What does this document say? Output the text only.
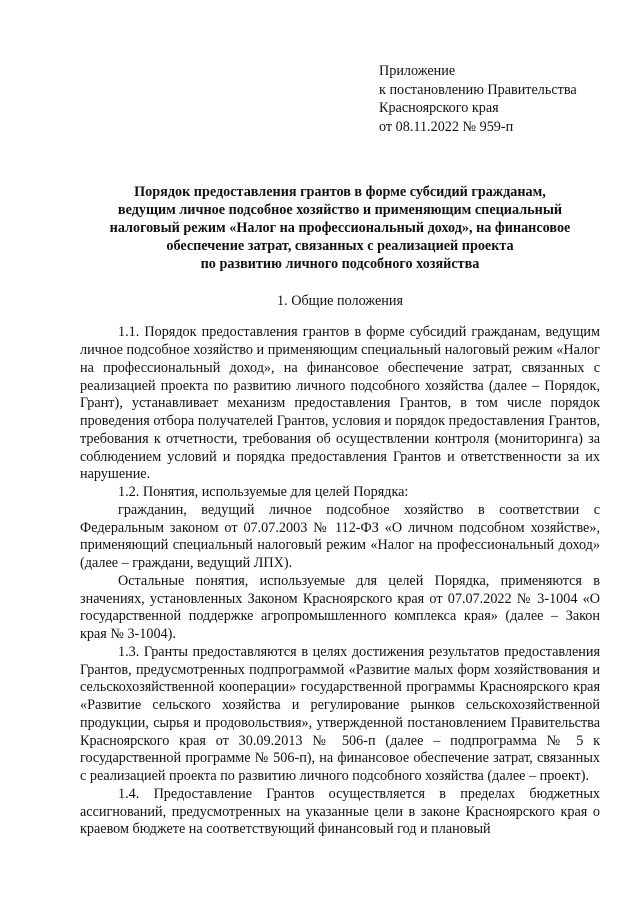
Приложение
к постановлению Правительства
Красноярского края
от 08.11.2022 № 959-п
Порядок предоставления грантов в форме субсидий гражданам,
ведущим личное подсобное хозяйство и применяющим специальный
налоговый режим «Налог на профессиональный доход», на финансовое
обеспечение затрат, связанных с реализацией проекта
по развитию личного подсобного хозяйства
1. Общие положения

1.1. Порядок предоставления грантов в форме субсидий гражданам, ведущим личное подсобное хозяйство и применяющим специальный налоговый режим «Налог на профессиональный доход», на финансовое обеспечение затрат, связанных с реализацией проекта по развитию личного подсобного хозяйства (далее – Порядок, Грант), устанавливает механизм предоставления Грантов, в том числе порядок проведения отбора получателей Грантов, условия и порядок предоставления Грантов, требования к отчетности, требования об осуществлении контроля (мониторинга) за соблюдением условий и порядка предоставления Грантов и ответственности за их нарушение.

1.2. Понятия, используемые для целей Порядка:

гражданин, ведущий личное подсобное хозяйство в соответствии с Федеральным законом от 07.07.2003 № 112-ФЗ «О личном подсобном хозяйстве», применяющий специальный налоговый режим «Налог на профессиональный доход» (далее – граждани, ведущий ЛПХ).

Остальные понятия, используемые для целей Порядка, применяются в значениях, установленных Законом Красноярского края от 07.07.2022 № 3-1004 «О государственной поддержке агропромышленного комплекса края» (далее – Закон края № 3-1004).

1.3. Гранты предоставляются в целях достижения результатов предоставления Грантов, предусмотренных подпрограммой «Развитие малых форм хозяйствования и сельскохозяйственной кооперации» государственной программы Красноярского края «Развитие сельского хозяйства и регулирование рынков сельскохозяйственной продукции, сырья и продовольствия», утвержденной постановлением Правительства Красноярского края от 30.09.2013 № 506-п (далее – подпрограмма № 5 к государственной программе № 506-п), на финансовое обеспечение затрат, связанных с реализацией проекта по развитию личного подсобного хозяйства (далее – проект).

1.4. Предоставление Грантов осуществляется в пределах бюджетных ассигнований, предусмотренных на указанные цели в законе Красноярского края о краевом бюджете на соответствующий финансовый год и плановый
